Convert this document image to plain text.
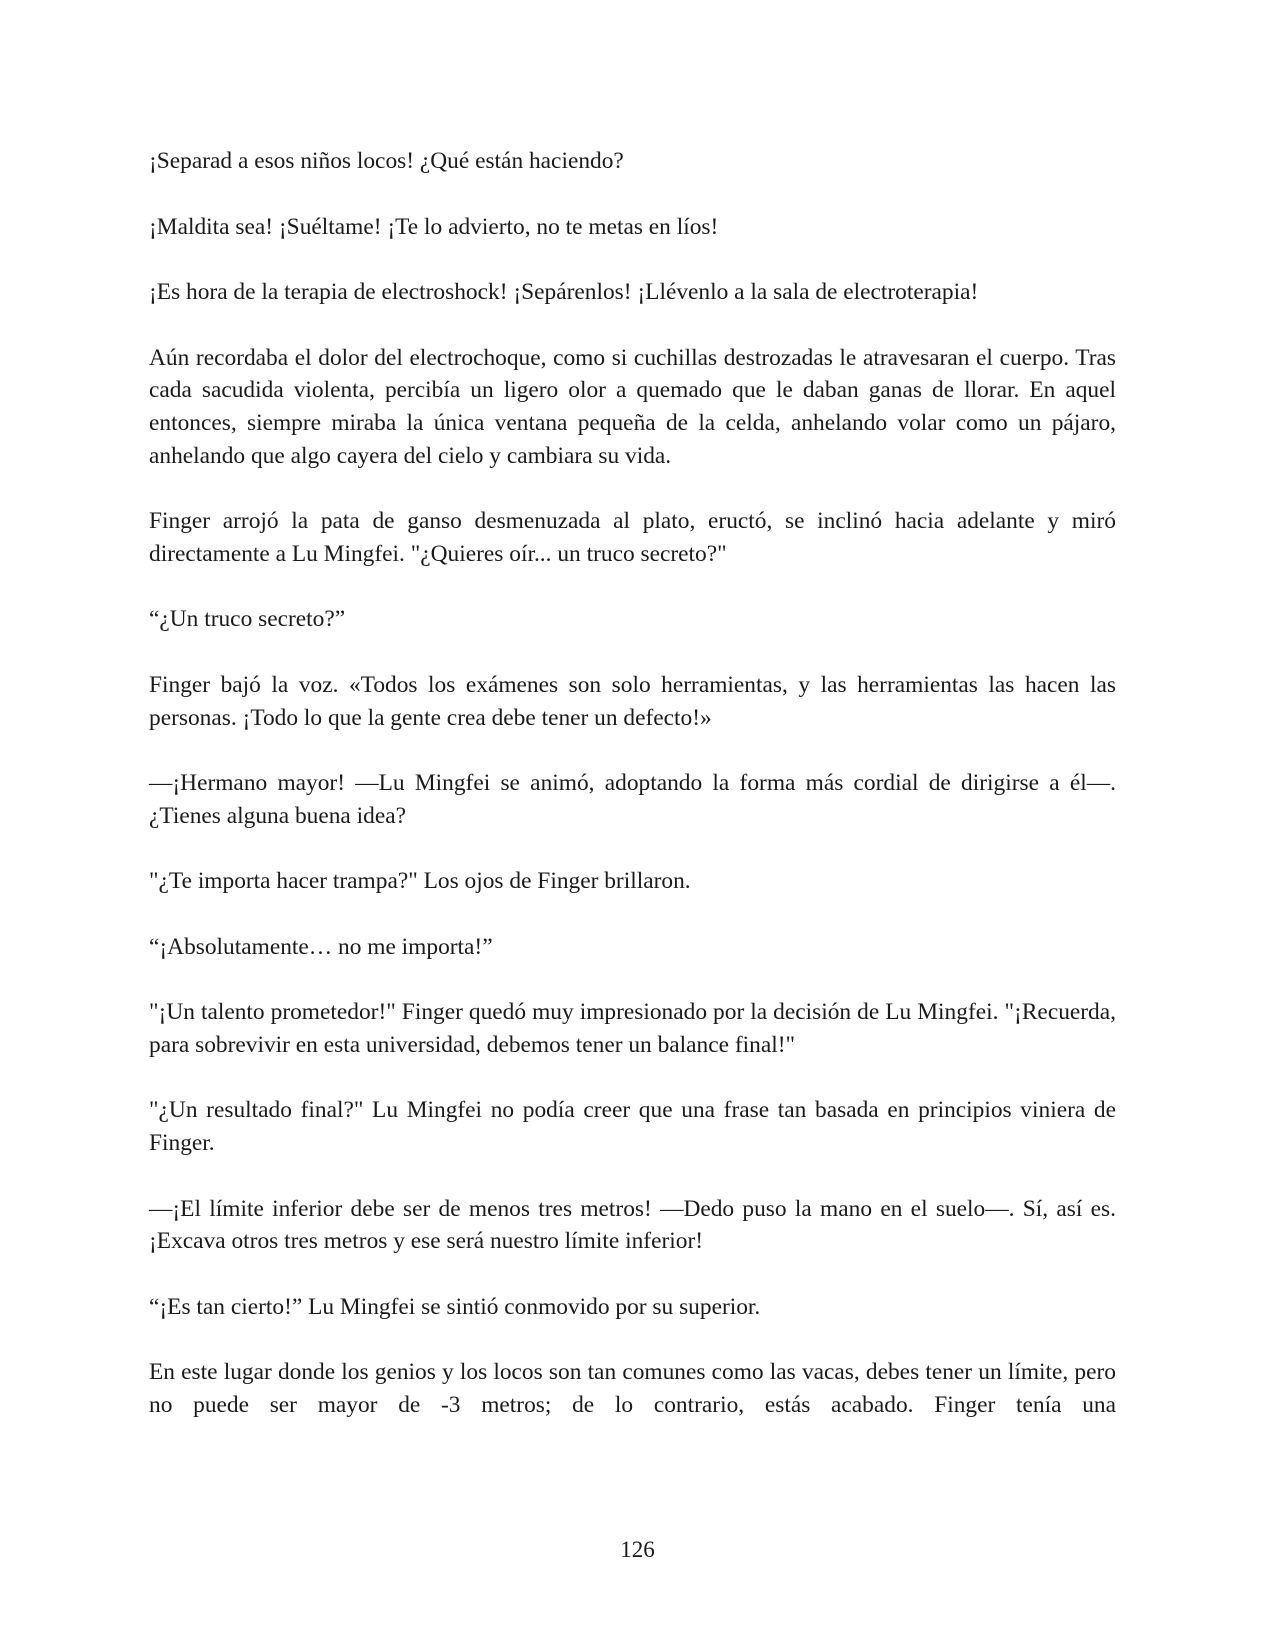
¡Separad a esos niños locos! ¿Qué están haciendo?

¡Maldita sea! ¡Suéltame! ¡Te lo advierto, no te metas en líos!

¡Es hora de la terapia de electroshock! ¡Sepárenlos! ¡Llévenlo a la sala de electroterapia!

Aún recordaba el dolor del electrochoque, como si cuchillas destrozadas le atravesaran el cuerpo. Tras cada sacudida violenta, percibía un ligero olor a quemado que le daban ganas de llorar. En aquel entonces, siempre miraba la única ventana pequeña de la celda, anhelando volar como un pájaro, anhelando que algo cayera del cielo y cambiara su vida.

Finger arrojó la pata de ganso desmenuzada al plato, eructó, se inclinó hacia adelante y miró directamente a Lu Mingfei. "¿Quieres oír... un truco secreto?"

“¿Un truco secreto?”

Finger bajó la voz. «Todos los exámenes son solo herramientas, y las herramientas las hacen las personas. ¡Todo lo que la gente crea debe tener un defecto!»

—¡Hermano mayor! —Lu Mingfei se animó, adoptando la forma más cordial de dirigirse a él—. ¿Tienes alguna buena idea?

"¿Te importa hacer trampa?" Los ojos de Finger brillaron.

“¡Absolutamente… no me importa!”

"¡Un talento prometedor!" Finger quedó muy impresionado por la decisión de Lu Mingfei. "¡Recuerda, para sobrevivir en esta universidad, debemos tener un balance final!"

"¿Un resultado final?" Lu Mingfei no podía creer que una frase tan basada en principios viniera de Finger.

—¡El límite inferior debe ser de menos tres metros! —Dedo puso la mano en el suelo—. Sí, así es. ¡Excava otros tres metros y ese será nuestro límite inferior!

“¡Es tan cierto!” Lu Mingfei se sintió conmovido por su superior.

En este lugar donde los genios y los locos son tan comunes como las vacas, debes tener un límite, pero no puede ser mayor de -3 metros; de lo contrario, estás acabado. Finger tenía una

126
